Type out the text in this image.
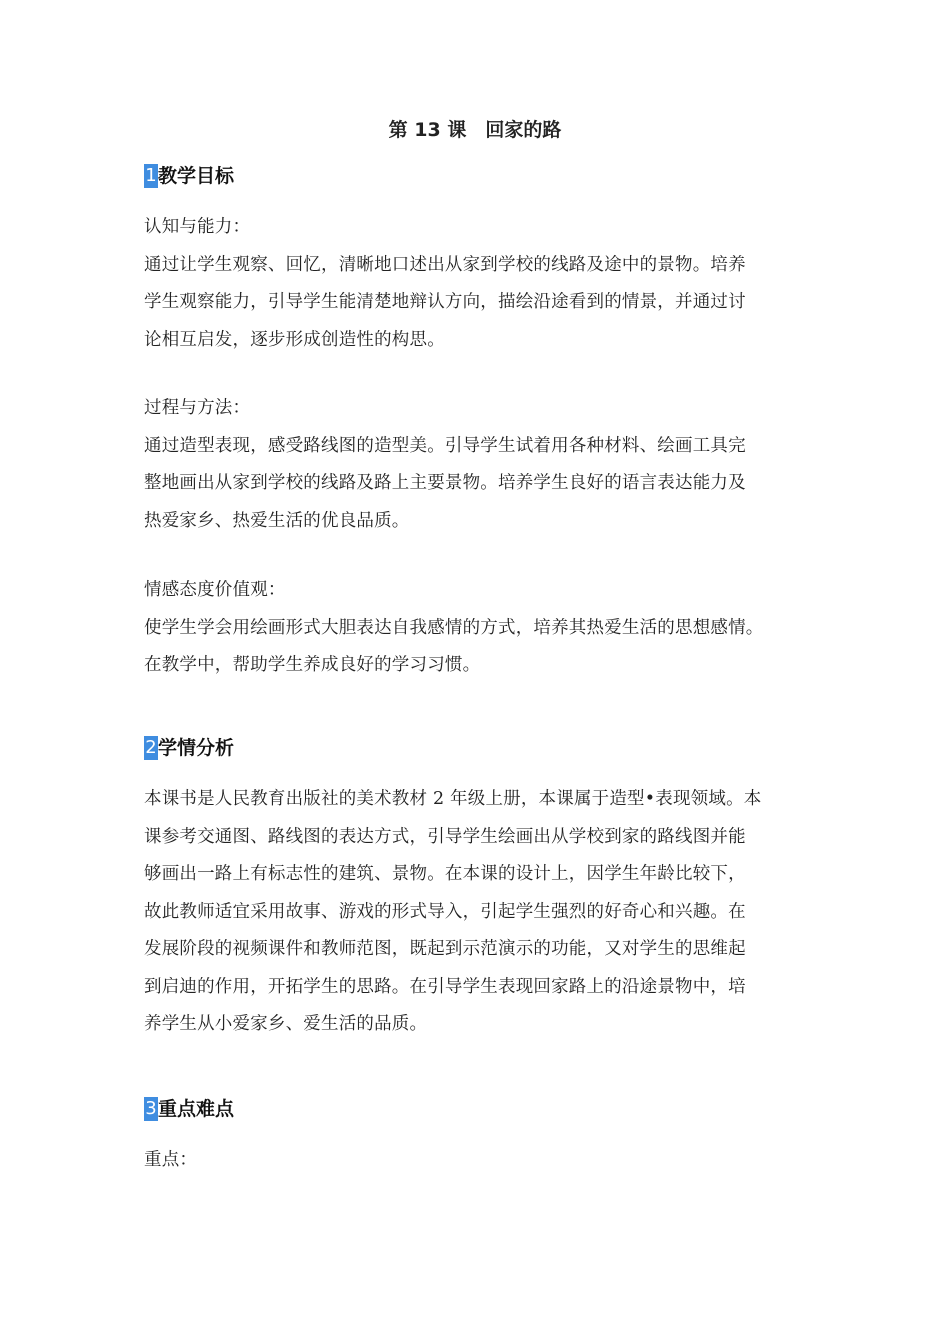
第 13 课　回家的路
1 教学目标

认知与能力：

通过让学生观察、回忆，清晰地口述出从家到学校的线路及途中的景物。培养

学生观察能力，引导学生能清楚地辩认方向，描绘沿途看到的情景，并通过讨

论相互启发，逐步形成创造性的构思。

过程与方法：

通过造型表现，感受路线图的造型美。引导学生试着用各种材料、绘画工具完

整地画出从家到学校的线路及路上主要景物。培养学生良好的语言表达能力及

热爱家乡、热爱生活的优良品质。

情感态度价值观：

使学生学会用绘画形式大胆表达自我感情的方式，培养其热爱生活的思想感情。

在教学中，帮助学生养成良好的学习习惯。

2 学情分析

本课书是人民教育出版社的美术教材 2 年级上册，本课属于造型•表现领域。本

课参考交通图、路线图的表达方式，引导学生绘画出从学校到家的路线图并能

够画出一路上有标志性的建筑、景物。在本课的设计上，因学生年龄比较下，

故此教师适宜采用故事、游戏的形式导入，引起学生强烈的好奇心和兴趣。在

发展阶段的视频课件和教师范图，既起到示范演示的功能，又对学生的思维起

到启迪的作用，开拓学生的思路。在引导学生表现回家路上的沿途景物中，培

养学生从小爱家乡、爱生活的品质。

3 重点难点

重点：
